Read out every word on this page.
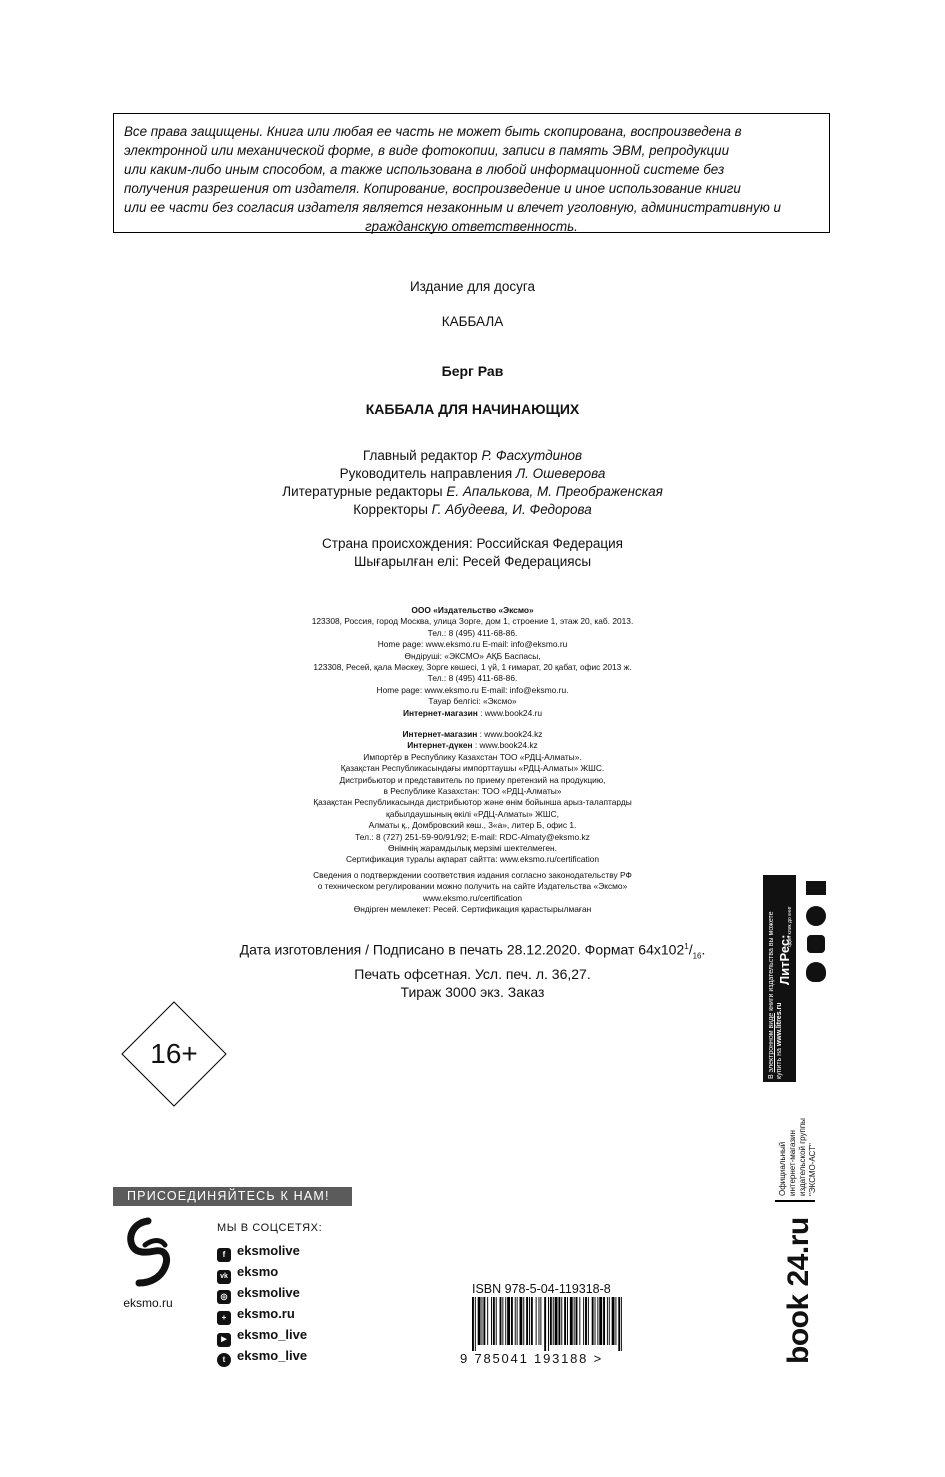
Все права защищены. Книга или любая ее часть не может быть скопирована, воспроизведена в
электронной или механической форме, в виде фотокопии, записи в память ЭВМ, репродукции
или каким-либо иным способом, а также использована в любой информационной системе без
получения разрешения от издателя. Копирование, воспроизведение и иное использование книги
или ее части без согласия издателя является незаконным и влечет уголовную, административную и
гражданскую ответственность.
Издание для досуга
КАББАЛА
Берг Рав
КАББАЛА ДЛЯ НАЧИНАЮЩИХ
Главный редактор Р. Фасхутдинов
Руководитель направления Л. Ошеверова
Литературные редакторы Е. Апалькова, М. Преображенская
Корректоры Г. Абудеева, И. Федорова
Страна происхождения: Российская Федерация
Шығарылған елі: Ресей Федерациясы
ООО «Издательство «Эксмо»
123308, Россия, город Москва, улица Зорге, дом 1, строение 1, этаж 20, каб. 2013.
Тел.: 8 (495) 411-68-86.
Home page: www.eksmo.ru E-mail: info@eksmo.ru
Өндіруші: «ЭКСМО» АҚБ Баспасы,
123308, Ресей, қала Мәскеу, Зорге көшесі, 1 үй, 1 ғимарат, 20 қабат, офис 2013 ж.
Тел.: 8 (495) 411-68-86.
Home page: www.eksmo.ru E-mail: info@eksmo.ru.
Тауар белгісі: «Эксмо»
Интернет-магазин : www.book24.ru
Интернет-магазин : www.book24.kz
Интернет-дүкен : www.book24.kz
Импортёр в Республику Казахстан ТОО «РДЦ-Алматы».
Қазақстан Республикасындағы импорттаушы «РДЦ-Алматы» ЖШС.
Дистрибьютор и представитель по приему претензий на продукцию,
в Республике Казахстан: ТОО «РДЦ-Алматы»
Қазақстан Республикасында дистрибьютор және өнім бойынша арыз-талаптарды
қабылдаушының өкілі «РДЦ-Алматы» ЖШС,
Алматы қ., Домбровский көш., 3«а», литер Б, офис 1.
Тел.: 8 (727) 251-59-90/91/92; E-mail: RDC-Almaty@eksmo.kz
Өнімнің жарамдылық мерзімі шектелмеген.
Сертификация туралы ақпарат сайтта: www.eksmo.ru/certification
Сведения о подтверждении соответствия издания согласно законодательству РФ
о техническом регулировании можно получить на сайте Издательства «Эксмо»
www.eksmo.ru/certification
Өндірген мемлекет: Ресей. Сертификация қарастырылмаған
Дата изготовления / Подписано в печать 28.12.2020. Формат $64x102^1/_{16}$.
Печать офсетная. Усл. печ. л. 36,27.
Тираж 3000 экз. Заказ
16+
ПРИСОЕДИНЯЙТЕСЬ К НАМ!
eksmo.ru
МЫ В СОЦСЕТЯХ:
f eksmolive
vk eksmo
◎ eksmolive
+ eksmo.ru
▶ eksmo_live
t eksmo_live
ISBN 978-5-04-119318-8
9 785041 193188 >
В электронном виде книги издательства вы можете
купить на www.litres.ru
ЛитРес:
один клик до книг
Официальный интернет-магазин издательской группы "ЭКСМО-АСТ"
book 24.ru
